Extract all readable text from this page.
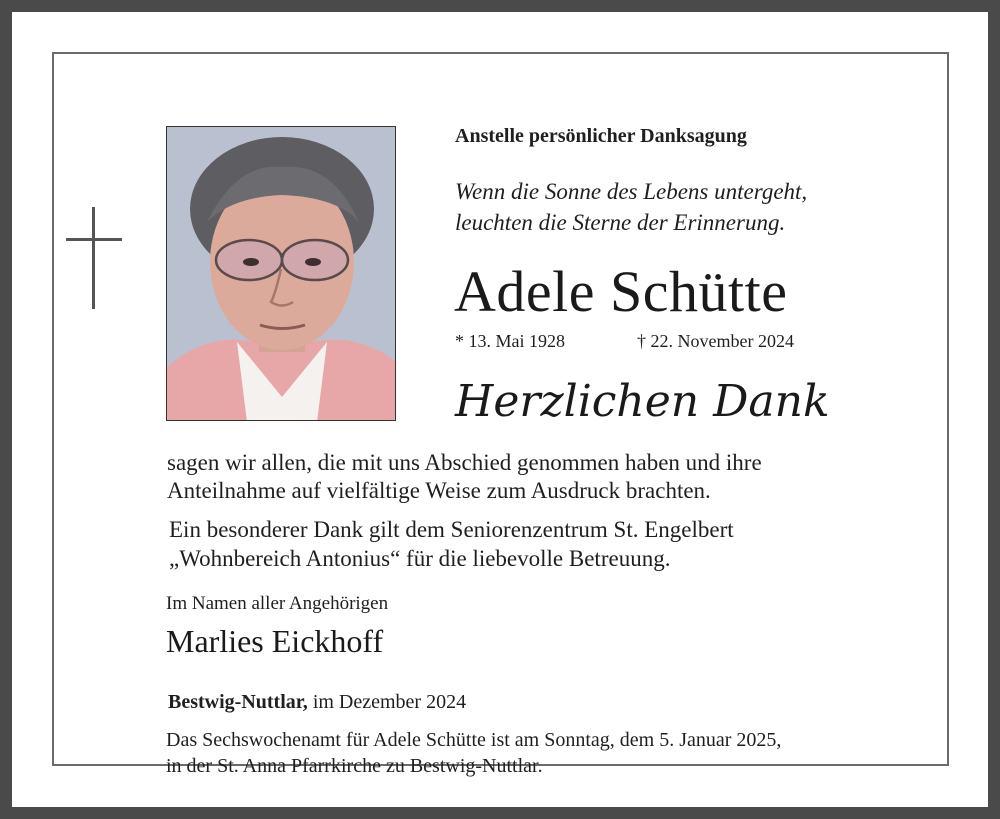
Anstelle persönlicher Danksagung
Wenn die Sonne des Lebens untergeht,
leuchten die Sterne der Erinnerung.
Adele Schütte
* 13. Mai 1928	† 22. November 2024
Herzlichen Dank
sagen wir allen, die mit uns Abschied genommen haben und ihre
Anteilnahme auf vielfältige Weise zum Ausdruck brachten.
Ein besonderer Dank gilt dem Seniorenzentrum St. Engelbert
„Wohnbereich Antonius“ für die liebevolle Betreuung.
Im Namen aller Angehörigen
Marlies Eickhoff
Bestwig-Nuttlar, im Dezember 2024
Das Sechswochenamt für Adele Schütte ist am Sonntag, dem 5. Januar 2025,
in der St. Anna Pfarrkirche zu Bestwig-Nuttlar.
